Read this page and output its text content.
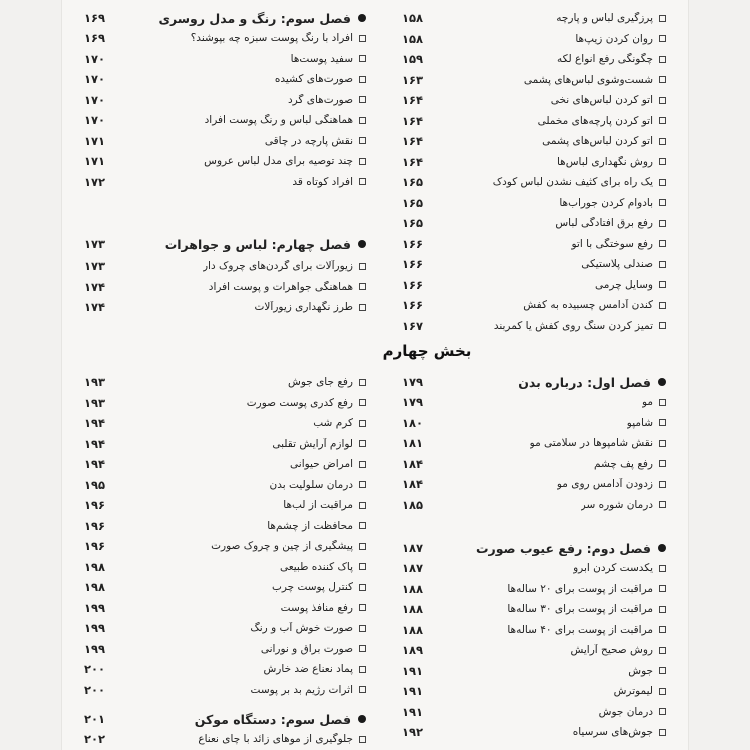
پرزگیری لباس و پارچه
۱۵۸
روان کردن زیپ‌ها
۱۵۸
چگونگی رفع انواع لکه
۱۵۹
شست‌وشوی لباس‌های پشمی
۱۶۳
اتو کردن لباس‌های نخی
۱۶۴
اتو کردن پارچه‌های مخملی
۱۶۴
اتو کردن لباس‌های پشمی
۱۶۴
روش نگهداری لباس‌ها
۱۶۴
یک راه برای کثیف نشدن لباس کودک
۱۶۵
بادوام کردن جوراب‌ها
۱۶۵
رفع برق افتادگی لباس
۱۶۵
رفع سوختگی با اتو
۱۶۶
صندلی پلاستیکی
۱۶۶
وسایل چرمی
۱۶۶
کندن آدامس چسبیده به کفش
۱۶۶
تمیز کردن سنگ روی کفش یا کمربند
۱۶۷
فصل اول: درباره بدن
۱۷۹
مو
۱۷۹
شامپو
۱۸۰
نقش شامپوها در سلامتی مو
۱۸۱
رفع پف چشم
۱۸۴
زدودن آدامس روی مو
۱۸۴
درمان شوره سر
۱۸۵
فصل دوم: رفع عیوب صورت
۱۸۷
یکدست کردن ابرو
۱۸۷
مراقبت از پوست برای ۲۰ ساله‌ها
۱۸۸
مراقبت از پوست برای ۳۰ ساله‌ها
۱۸۸
مراقبت از پوست برای ۴۰ ساله‌ها
۱۸۸
روش صحیح آرایش
۱۸۹
جوش
۱۹۱
لیموترش
۱۹۱
درمان جوش
۱۹۱
جوش‌های سرسیاه
۱۹۲
فصل سوم: رنگ و مدل روسری
۱۶۹
افراد با رنگ پوست سبزه چه بپوشند؟
۱۶۹
سفید پوست‌ها
۱۷۰
صورت‌های کشیده
۱۷۰
صورت‌های گرد
۱۷۰
هماهنگی لباس و رنگ پوست افراد
۱۷۰
نقش پارچه در چاقی
۱۷۱
چند توصیه برای مدل لباس عروس
۱۷۱
افراد کوتاه قد
۱۷۲
فصل چهارم: لباس و جواهرات
۱۷۳
زیورآلات برای گردن‌های چروک دار
۱۷۳
هماهنگی جواهرات و پوست افراد
۱۷۴
طرز نگهداری زیورآلات
۱۷۴
رفع جای جوش
۱۹۳
رفع کدری پوست صورت
۱۹۳
کرم شب
۱۹۴
لوازم آرایش تقلبی
۱۹۴
امراض حیوانی
۱۹۴
درمان سلولیت بدن
۱۹۵
مراقبت از لب‌ها
۱۹۶
محافظت از چشم‌ها
۱۹۶
پیشگیری از چین و چروک صورت
۱۹۶
پاک کننده طبیعی
۱۹۸
کنترل پوست چرب
۱۹۸
رفع منافذ پوست
۱۹۹
صورت خوش آب و رنگ
۱۹۹
صورت براق و نورانی
۱۹۹
پماد نعناع ضد خارش
۲۰۰
اثرات رژیم بد بر پوست
۲۰۰
فصل سوم: دستگاه موکن
۲۰۱
جلوگیری از موهای زائد با چای نعناع
۲۰۲
بخش چهارم
